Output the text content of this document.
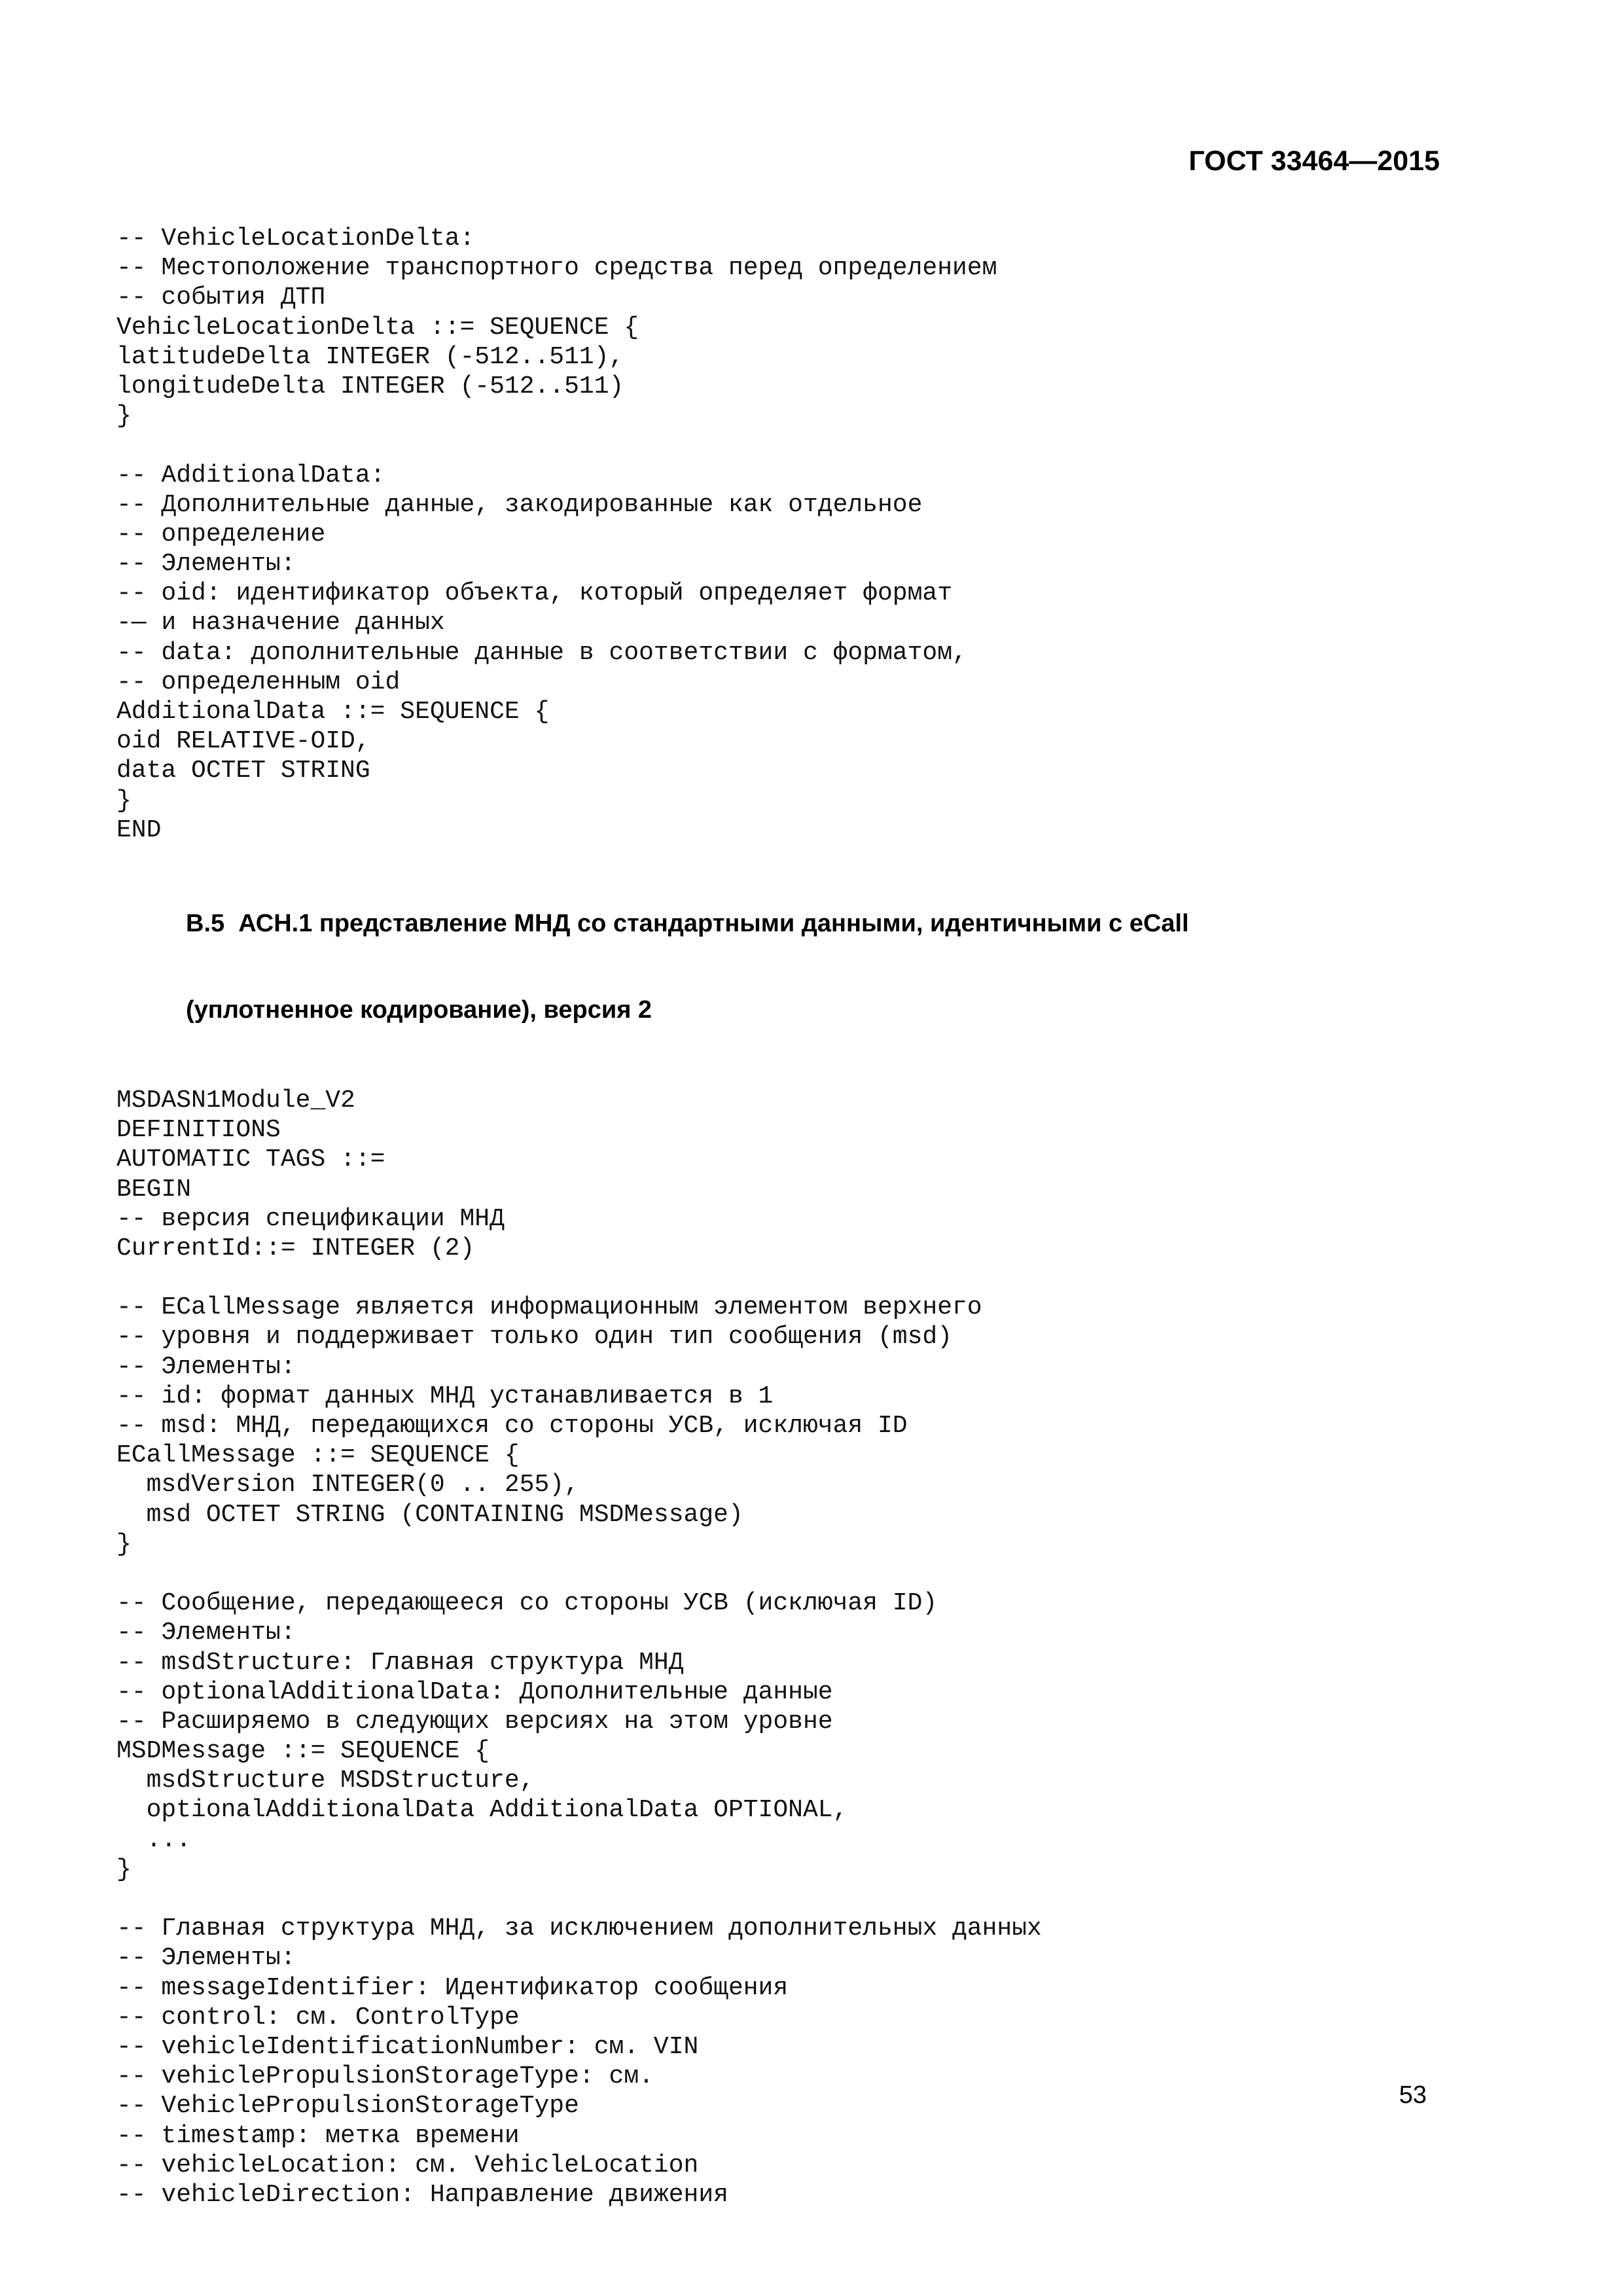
ГОСТ 33464—2015
-- VehicleLocationDelta:
-- Местоположение транспортного средства перед определением
-- события ДТП
VehicleLocationDelta ::= SEQUENCE {
latitudeDelta INTEGER (-512..511),
longitudeDelta INTEGER (-512..511)
}
-- AdditionalData:
-- Дополнительные данные, закодированные как отдельное
-- определение
-- Элементы:
-- oid: идентификатор объекта, который определяет формат
-— и назначение данных
-- data: дополнительные данные в соответствии с форматом,
-- определенным oid
AdditionalData ::= SEQUENCE {
oid RELATIVE-OID,
data OCTET STRING
}
END

В.5  АСН.1 представление МНД со стандартными данными, идентичными с eCall

(уплотненное кодирование), версия 2

MSDASN1Module_V2
DEFINITIONS
AUTOMATIC TAGS ::=
BEGIN
-- версия спецификации МНД
CurrentId::= INTEGER (2)
-- ECallMessage является информационным элементом верхнего
-- уровня и поддерживает только один тип сообщения (msd)
-- Элементы:
-- id: формат данных МНД устанавливается в 1
-- msd: МНД, передающихся со стороны УСВ, исключая ID
ECallMessage ::= SEQUENCE {
msdVersion INTEGER(0 .. 255),
msd OCTET STRING (CONTAINING MSDMessage)
}
-- Сообщение, передающееся со стороны УСВ (исключая ID)
-- Элементы:
-- msdStructure: Главная структура МНД
-- optionalAdditionalData: Дополнительные данные
-- Расширяемо в следующих версиях на этом уровне
MSDMessage ::= SEQUENCE {
msdStructure MSDStructure,
optionalAdditionalData AdditionalData OPTIONAL,
...
}
-- Главная структура МНД, за исключением дополнительных данных
-- Элементы:
-- messageIdentifier: Идентификатор сообщения
-- control: см. ControlType
-- vehicleIdentificationNumber: см. VIN
-- vehiclePropulsionStorageType: см.
-- VehiclePropulsionStorageType
-- timestamp: метка времени
-- vehicleLocation: см. VehicleLocation
-- vehicleDirection: Направление движения
53
